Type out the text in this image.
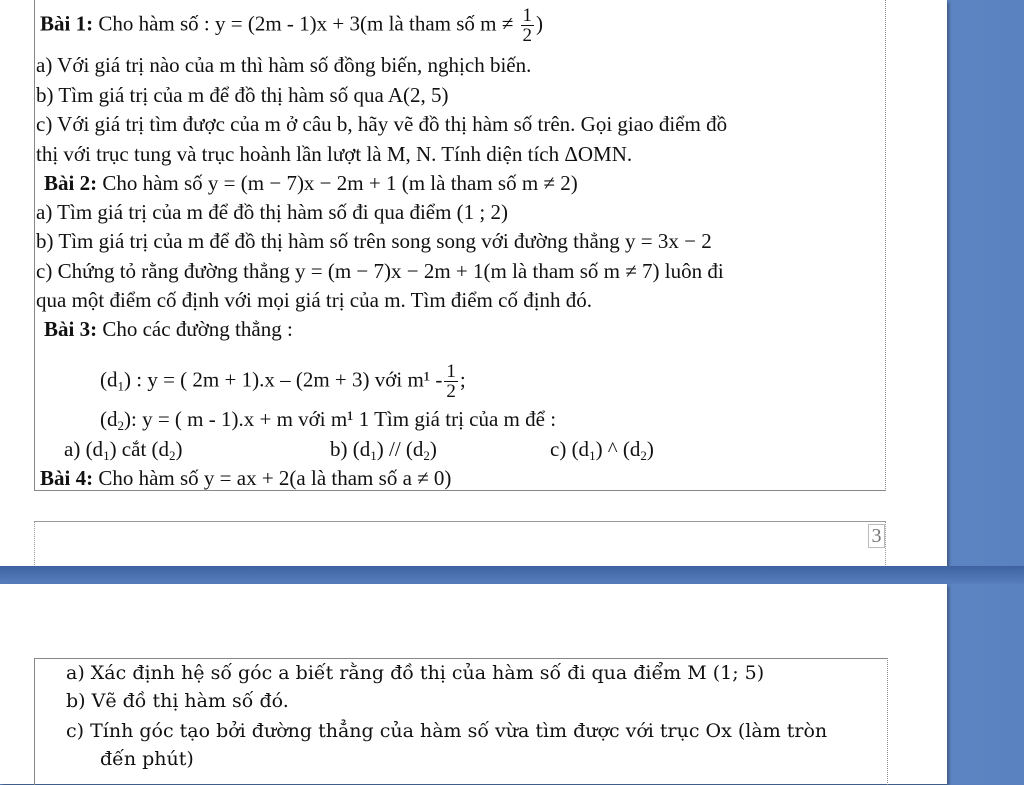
Bài 1: Cho hàm số : y = (2m - 1)x + 3(m là tham số $m \ne \frac{1}{2}$ )
a) Với giá trị nào của m thì hàm số đồng biến, nghịch biến.
b) Tìm giá trị của m để đồ thị hàm số qua A(2, 5)
c) Với giá trị tìm được của m ở câu b, hãy vẽ đồ thị hàm số trên. Gọi giao điểm đồ
thị với trục tung và trục hoành lần lượt là M, N. Tính diện tích ΔOMN.
Bài 2: Cho hàm số y = (m − 7)x − 2m + 1 (m là tham số m ≠ 2)
a) Tìm giá trị của m để đồ thị hàm số đi qua điểm (1 ; 2)
b) Tìm giá trị của m để đồ thị hàm số trên song song với đường thẳng y = 3x − 2
c) Chứng tỏ rằng đường thẳng y = (m − 7)x − 2m + 1(m là tham số m ≠ 7) luôn đi
qua một điểm cố định với mọi giá trị của m. Tìm điểm cố định đó.
Bài 3: Cho các đường thẳng :
$(d_1)$ : y = ( 2m + 1).x – (2m + 3) với $m^1 - \frac{1}{2}$ ;
$(d_2)$: y = ( m - 1).x + m với m¹ 1 Tìm giá trị của m để :
a) $(d_1)$ cắt $(d_2)$	b) $(d_1) // (d_2)$	c) $(d_1)$ ^ $(d_2)$
Bài 4: Cho hàm số y = ax + 2(a là tham số a ≠ 0)
3
a) Xác định hệ số góc a biết rằng đồ thị của hàm số đi qua điểm M (1; 5)
b) Vẽ đồ thị hàm số đó.
c) Tính góc tạo bởi đường thẳng của hàm số vừa tìm được với trục Ox (làm tròn
đến phút)
